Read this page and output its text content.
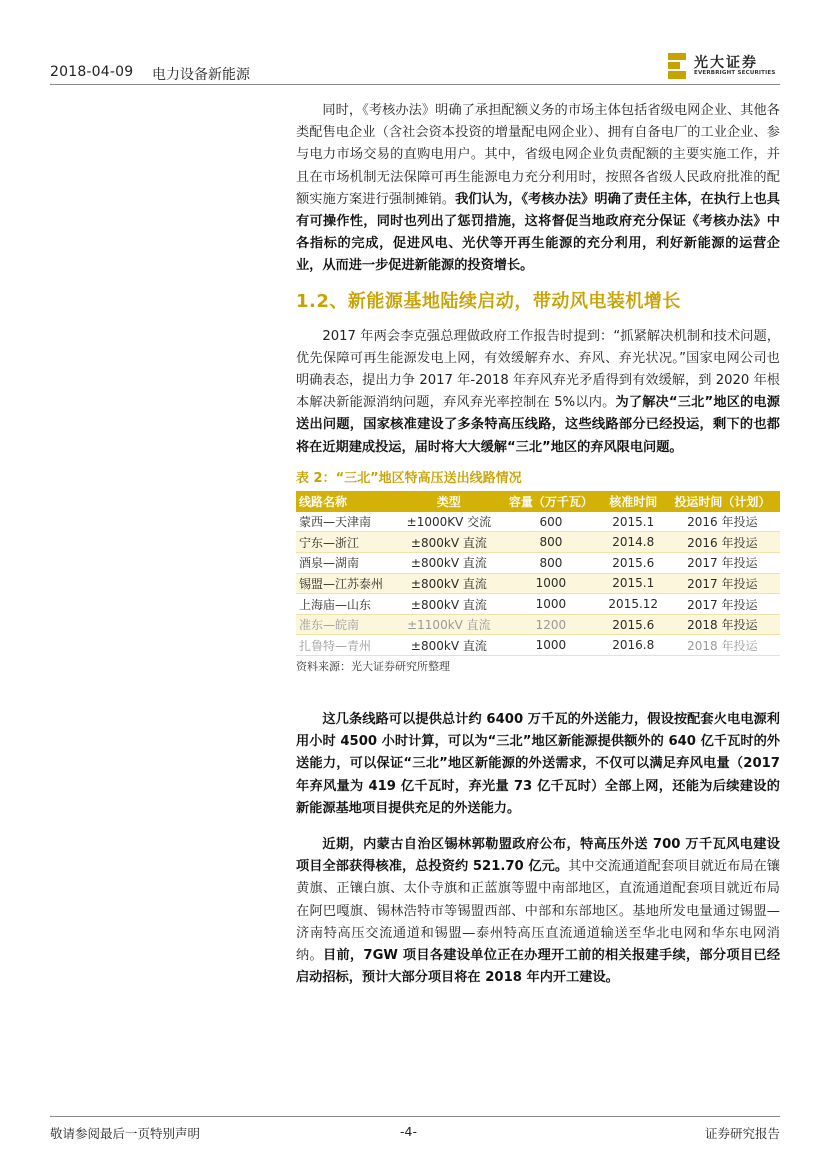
2018-04-09 电力设备新能源
光大证券
EVERBRIGHT SECURITIES

同时，《考核办法》明确了承担配额义务的市场主体包括省级电网企业、其他各类配售电企业（含社会资本投资的增量配电网企业）、拥有自备电厂的工业企业、参与电力市场交易的直购电用户。其中，省级电网企业负责配额的主要实施工作，并且在市场机制无法保障可再生能源电力充分利用时，按照各省级人民政府批准的配额实施方案进行强制摊销。我们认为，《考核办法》明确了责任主体，在执行上也具有可操作性，同时也列出了惩罚措施，这将督促当地政府充分保证《考核办法》中各指标的完成，促进风电、光伏等开再生能源的充分利用，利好新能源的运营企业，从而进一步促进新能源的投资增长。

1.2、新能源基地陆续启动，带动风电装机增长

2017 年两会李克强总理做政府工作报告时提到：“抓紧解决机制和技术问题，优先保障可再生能源发电上网，有效缓解弃水、弃风、弃光状况。”国家电网公司也明确表态，提出力争 2017 年-2018 年弃风弃光矛盾得到有效缓解，到 2020 年根本解决新能源消纳问题，弃风弃光率控制在 5%以内。为了解决“三北”地区的电源送出问题，国家核准建设了多条特高压线路，这些线路部分已经投运，剩下的也都将在近期建成投运，届时将大大缓解“三北”地区的弃风限电问题。

表 2：“三北”地区特高压送出线路情况
线路名称	类型	容量（万千瓦）	核准时间	投运时间（计划）
蒙西—天津南	±1000KV 交流	600	2015.1	2016 年投运
宁东—浙江	±800kV 直流	800	2014.8	2016 年投运
酒泉—湖南	±800kV 直流	800	2015.6	2017 年投运
锡盟—江苏泰州	±800kV 直流	1000	2015.1	2017 年投运
上海庙—山东	±800kV 直流	1000	2015.12	2017 年投运
准东—皖南	±1100kV 直流	1200	2015.6	2018 年投运
扎鲁特—青州	±800kV 直流	1000	2016.8	2018 年投运
资料来源：光大证券研究所整理

这几条线路可以提供总计约 6400 万千瓦的外送能力，假设按配套火电电源利用小时 4500 小时计算，可以为“三北”地区新能源提供额外的 640 亿千瓦时的外送能力，可以保证“三北”地区新能源的外送需求，不仅可以满足弃风电量（2017 年弃风量为 419 亿千瓦时，弃光量 73 亿千瓦时）全部上网，还能为后续建设的新能源基地项目提供充足的外送能力。

近期，内蒙古自治区锡林郭勒盟政府公布，特高压外送 700 万千瓦风电建设项目全部获得核准，总投资约 521.70 亿元。其中交流通道配套项目就近布局在镶黄旗、正镶白旗、太仆寺旗和正蓝旗等盟中南部地区，直流通道配套项目就近布局在阿巴嘎旗、锡林浩特市等锡盟西部、中部和东部地区。基地所发电量通过锡盟—济南特高压交流通道和锡盟—泰州特高压直流通道输送至华北电网和华东电网消纳。目前，7GW 项目各建设单位正在办理开工前的相关报建手续，部分项目已经启动招标，预计大部分项目将在 2018 年内开工建设。

敬请参阅最后一页特别声明	-4-	证券研究报告
